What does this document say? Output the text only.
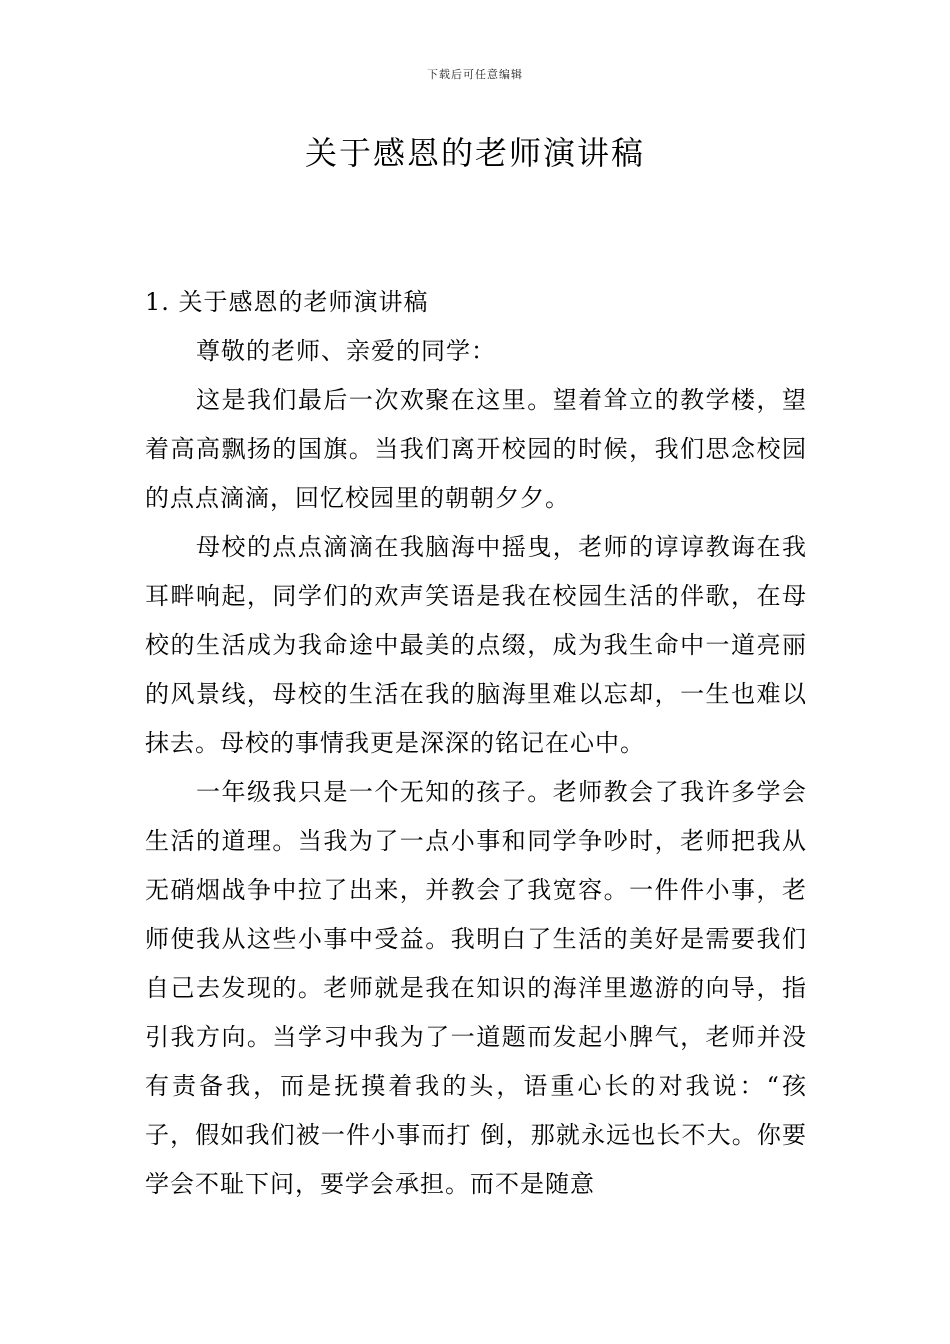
下载后可任意编辑
关于感恩的老师演讲稿

1. 关于感恩的老师演讲稿

尊敬的老师、亲爱的同学：

这是我们最后一次欢聚在这里。望着耸立的教学楼，望着高高飘扬的国旗。当我们离开校园的时候，我们思念校园的点点滴滴，回忆校园里的朝朝夕夕。

母校的点点滴滴在我脑海中摇曳，老师的谆谆教诲在我耳畔响起，同学们的欢声笑语是我在校园生活的伴歌，在母校的生活成为我命途中最美的点缀，成为我生命中一道亮丽的风景线，母校的生活在我的脑海里难以忘却，一生也难以抹去。母校的事情我更是深深的铭记在心中。

一年级我只是一个无知的孩子。老师教会了我许多学会生活的道理。当我为了一点小事和同学争吵时，老师把我从无硝烟战争中拉了出来，并教会了我宽容。一件件小事，老师使我从这些小事中受益。我明白了生活的美好是需要我们自己去发现的。老师就是我在知识的海洋里遨游的向导，指引我方向。当学习中我为了一道题而发起小脾气，老师并没有责备我，而是抚摸着我的头，语重心长的对我说：“孩子，假如我们被一件小事而打 倒，那就永远也长不大。你要学会不耻下问，要学会承担。而不是随意
